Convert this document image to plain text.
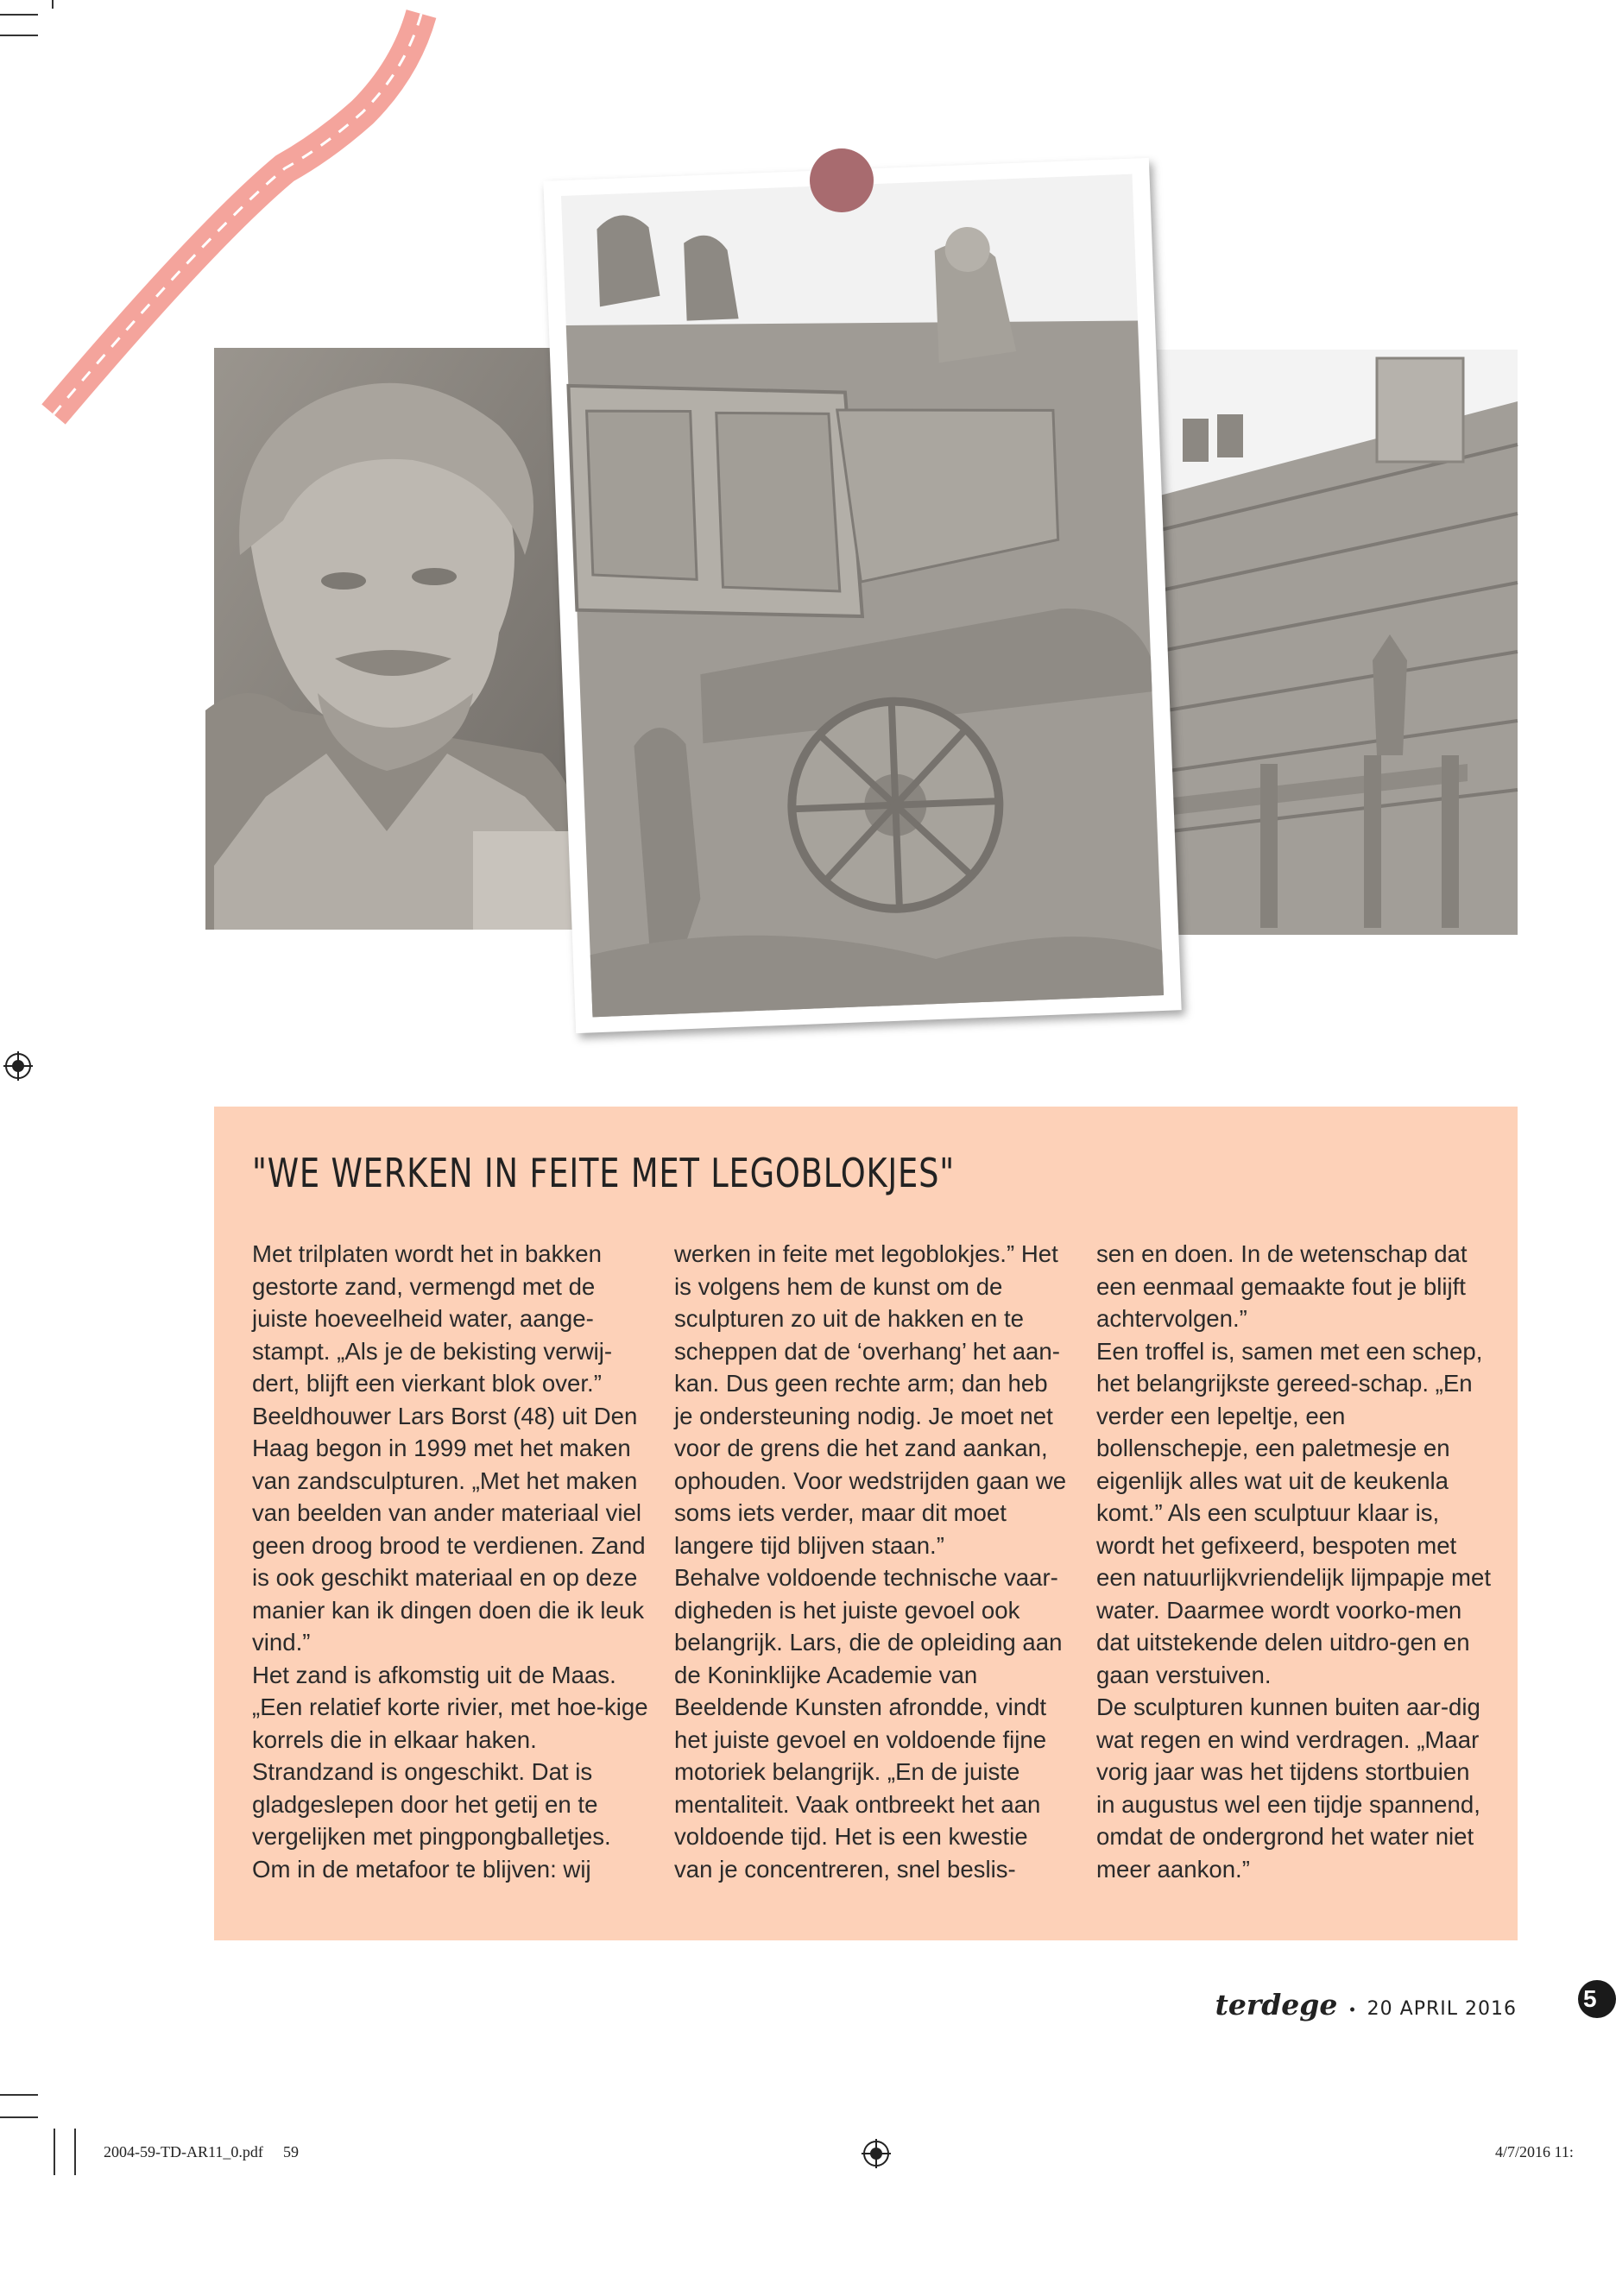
"WE WERKEN IN FEITE MET LEGOBLOKJES"

Met trilplaten wordt het in bakken gestorte zand, vermengd met de juiste hoeveelheid water, aange-stampt. „Als je de bekisting verwij-dert, blijft een vierkant blok over.”

Beeldhouwer Lars Borst (48) uit Den Haag begon in 1999 met het maken van zandsculpturen. „Met het maken van beelden van ander materiaal viel geen droog brood te verdienen. Zand is ook geschikt materiaal en op deze manier kan ik dingen doen die ik leuk vind.”

Het zand is afkomstig uit de Maas. „Een relatief korte rivier, met hoe-kige korrels die in elkaar haken. Strandzand is ongeschikt. Dat is gladgeslepen door het getij en te vergelijken met pingpongballetjes. Om in de metafoor te blijven: wij

werken in feite met legoblokjes.” Het is volgens hem de kunst om de sculpturen zo uit de hakken en te scheppen dat de ‘overhang’ het aan-kan. Dus geen rechte arm; dan heb je ondersteuning nodig. Je moet net voor de grens die het zand aankan, ophouden. Voor wedstrijden gaan we soms iets verder, maar dit moet langere tijd blijven staan.”

Behalve voldoende technische vaar-digheden is het juiste gevoel ook belangrijk. Lars, die de opleiding aan de Koninklijke Academie van Beeldende Kunsten afrondde, vindt het juiste gevoel en voldoende fijne motoriek belangrijk. „En de juiste mentaliteit. Vaak ontbreekt het aan voldoende tijd. Het is een kwestie van je concentreren, snel beslis-

sen en doen. In de wetenschap dat een eenmaal gemaakte fout je blijft achtervolgen.”

Een troffel is, samen met een schep, het belangrijkste gereed-schap. „En verder een lepeltje, een bollenschepje, een paletmesje en eigenlijk alles wat uit de keukenla komt.” Als een sculptuur klaar is, wordt het gefixeerd, bespoten met een natuurlijkvriendelijk lijmpapje met water. Daarmee wordt voorko-men dat uitstekende delen uitdro-gen en gaan verstuiven.

De sculpturen kunnen buiten aar-dig wat regen en wind verdragen. „Maar vorig jaar was het tijdens stortbuien in augustus wel een tijdje spannend, omdat de ondergrond het water niet meer aankon.”

terdege • 20 APRIL 2016	5
2004-59-TD-AR11_0.pdf 59	4/7/2016 11:
